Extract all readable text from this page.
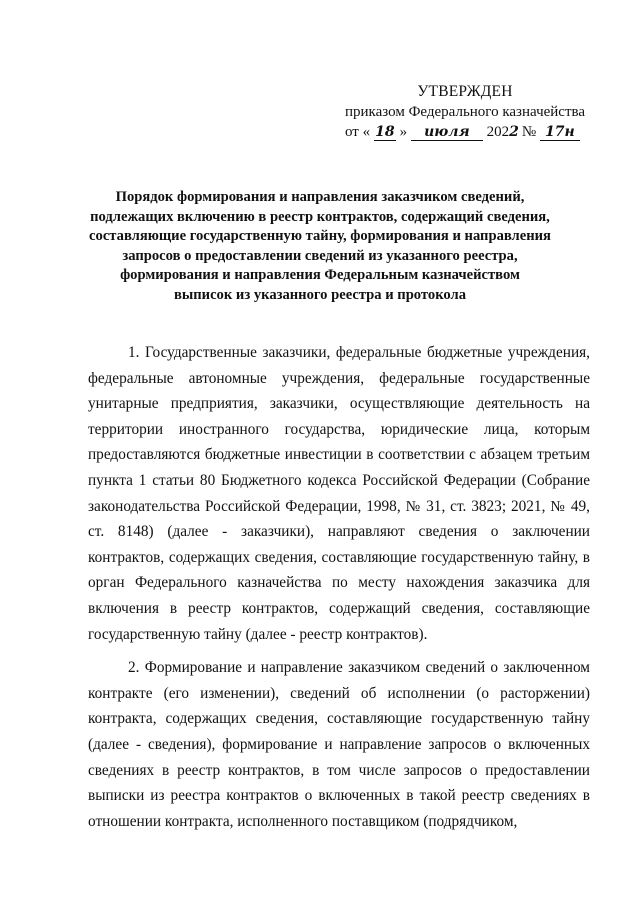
УТВЕРЖДЕН
приказом Федерального казначейства
от « 18 » июля 2022 № 17н
Порядок формирования и направления заказчиком сведений,
подлежащих включению в реестр контрактов, содержащий сведения,
составляющие государственную тайну, формирования и направления
запросов о предоставлении сведений из указанного реестра,
формирования и направления Федеральным казначейством
выписок из указанного реестра и протокола

1. Государственные заказчики, федеральные бюджетные учреждения, федеральные автономные учреждения, федеральные государственные унитарные предприятия, заказчики, осуществляющие деятельность на территории иностранного государства, юридические лица, которым предоставляются бюджетные инвестиции в соответствии с абзацем третьим пункта 1 статьи 80 Бюджетного кодекса Российской Федерации (Собрание законодательства Российской Федерации, 1998, № 31, ст. 3823; 2021, № 49, ст. 8148) (далее - заказчики), направляют сведения о заключении контрактов, содержащих сведения, составляющие государственную тайну, в орган Федерального казначейства по месту нахождения заказчика для включения в реестр контрактов, содержащий сведения, составляющие государственную тайну (далее - реестр контрактов).

2. Формирование и направление заказчиком сведений о заключенном контракте (его изменении), сведений об исполнении (о расторжении) контракта, содержащих сведения, составляющие государственную тайну (далее - сведения), формирование и направление запросов о включенных сведениях в реестр контрактов, в том числе запросов о предоставлении выписки из реестра контрактов о включенных в такой реестр сведениях в отношении контракта, исполненного поставщиком (подрядчиком,
